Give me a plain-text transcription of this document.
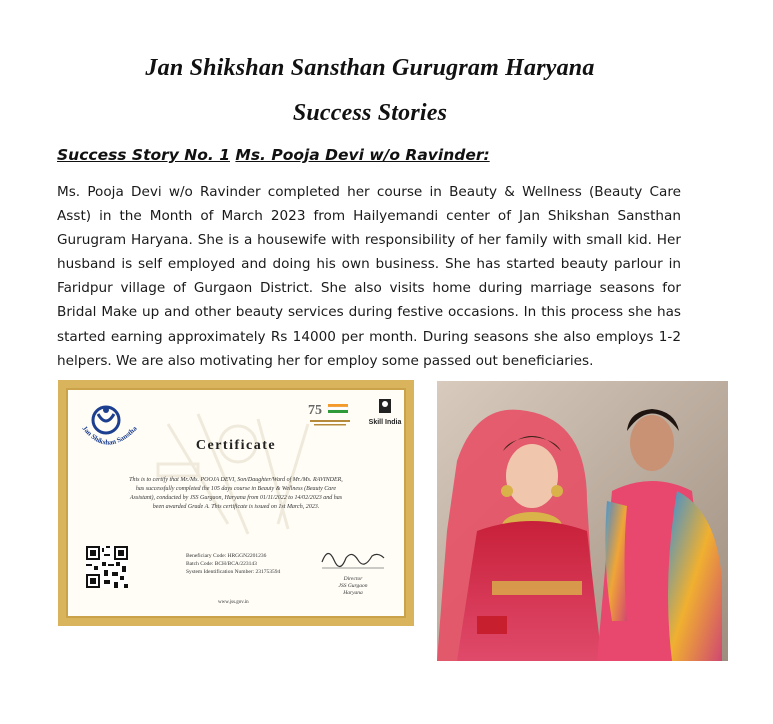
Jan Shikshan Sansthan Gurugram Haryana
Success Stories
Success Story No. 1 Ms. Pooja Devi w/o Ravinder:
Ms. Pooja Devi w/o Ravinder completed her course in Beauty & Wellness (Beauty Care Asst) in the Month of March 2023 from Hailyemandi center of Jan Shikshan Sansthan Gurugram Haryana. She is a housewife with responsibility of her family with small kid. Her husband is self employed and doing his own business. She has started beauty parlour in Faridpur village of Gurgaon District. She also visits home during marriage seasons for Bridal Make up and other beauty services during festive occasions. In this process she has started earning approximately Rs 14000 per month. During seasons she also employs 1-2 helpers. We are also motivating her for employ some passed out beneficiaries.
Jan Shikshan Sanstha
75
Skill India
Certificate
This is to certify that Mr./Ms. POOJA DEVI, Son/Daughter/Ward of Mr./Ms. RAVINDER, has successfully completed the 105 days course in Beauty & Wellness (Beauty Care Assistant), conducted by JSS Gurgaon, Haryana from 01/11/2022 to 14/02/2023 and has been awarded Grade A. This certificate is issued on 1st March, 2023.
Beneficiary Code: HRGGN2201236
Batch Code: BCH/BCA/223143
System Identification Number: 231753594
www.jss.gov.in
Director
JSS Gurgaon
Haryana
